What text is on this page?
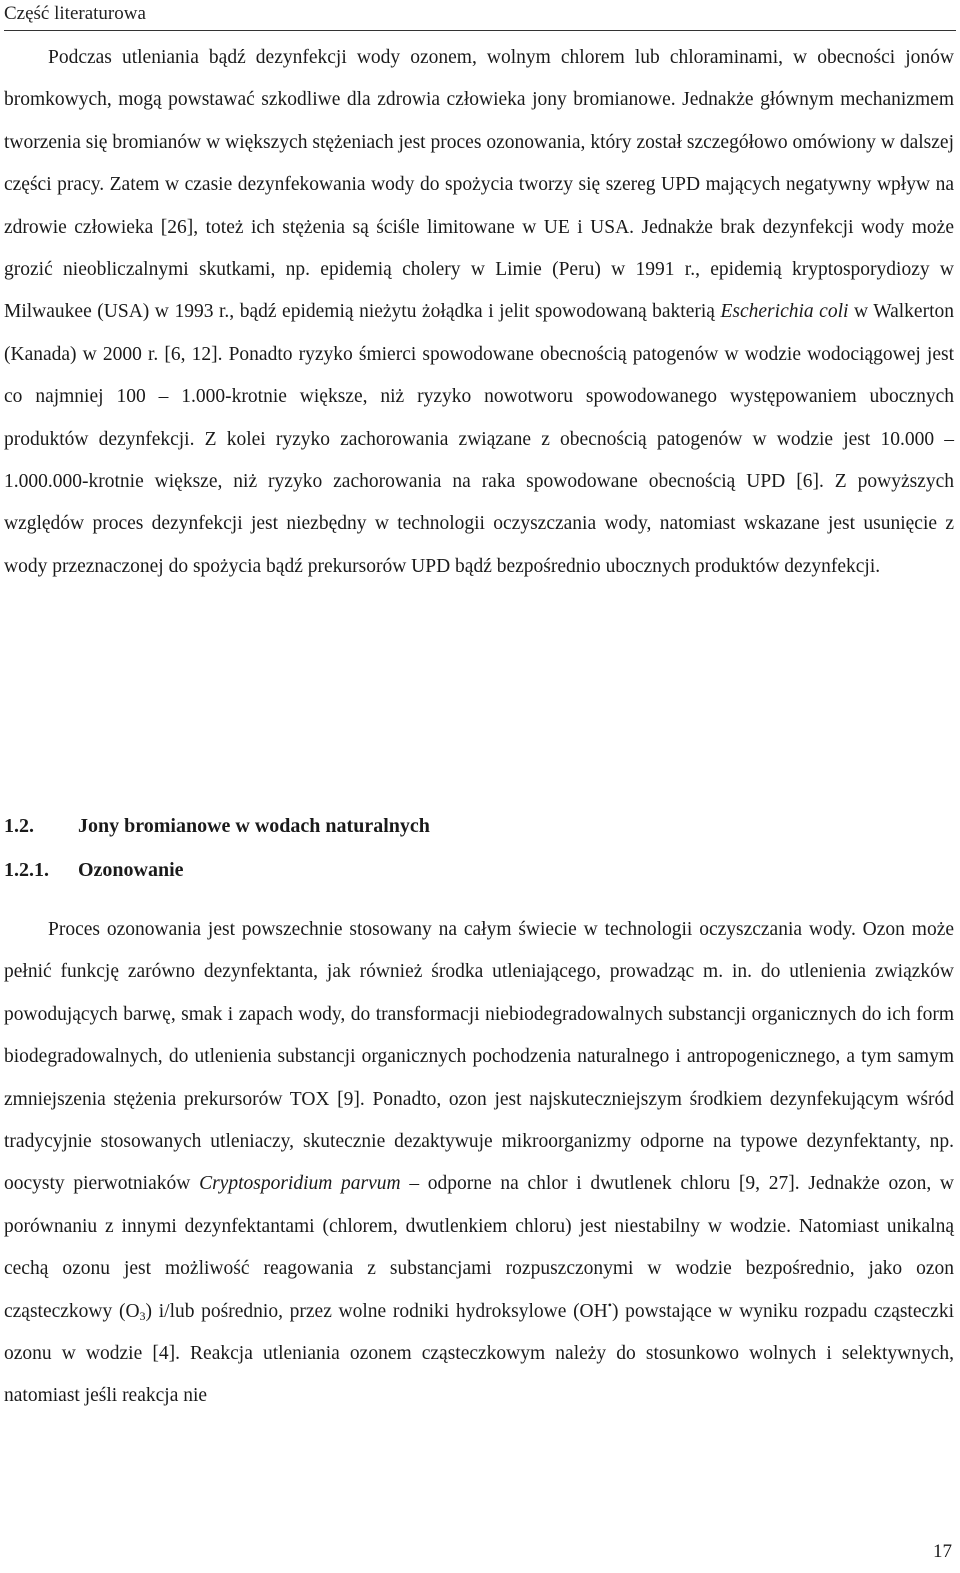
Część literaturowa

Podczas utleniania bądź dezynfekcji wody ozonem, wolnym chlorem lub chloraminami, w obecności jonów bromkowych, mogą powstawać szkodliwe dla zdrowia człowieka jony bromianowe. Jednakże głównym mechanizmem tworzenia się bromianów w większych stężeniach jest proces ozonowania, który został szczegółowo omówiony w dalszej części pracy. Zatem w czasie dezynfekowania wody do spożycia tworzy się szereg UPD mających negatywny wpływ na zdrowie człowieka [26], toteż ich stężenia są ściśle limitowane w UE i USA. Jednakże brak dezynfekcji wody może grozić nieobliczalnymi skutkami, np. epidemią cholery w Limie (Peru) w 1991 r., epidemią kryptosporydiozy w Milwaukee (USA) w 1993 r., bądź epidemią nieżytu żołądka i jelit spowodowaną bakterią Escherichia coli w Walkerton (Kanada) w 2000 r. [6, 12]. Ponadto ryzyko śmierci spowodowane obecnością patogenów w wodzie wodociągowej jest co najmniej 100 – 1.000-krotnie większe, niż ryzyko nowotworu spowodowanego występowaniem ubocznych produktów dezynfekcji. Z kolei ryzyko zachorowania związane z obecnością patogenów w wodzie jest 10.000 – 1.000.000-krotnie większe, niż ryzyko zachorowania na raka spowodowane obecnością UPD [6]. Z powyższych względów proces dezynfekcji jest niezbędny w technologii oczyszczania wody, natomiast wskazane jest usunięcie z wody przeznaczonej do spożycia bądź prekursorów UPD bądź bezpośrednio ubocznych produktów dezynfekcji.

1.2. Jony bromianowe w wodach naturalnych
1.2.1. Ozonowanie

Proces ozonowania jest powszechnie stosowany na całym świecie w technologii oczyszczania wody. Ozon może pełnić funkcję zarówno dezynfektanta, jak również środka utleniającego, prowadząc m. in. do utlenienia związków powodujących barwę, smak i zapach wody, do transformacji niebiodegradowalnych substancji organicznych do ich form biodegradowalnych, do utlenienia substancji organicznych pochodzenia naturalnego i antropogenicznego, a tym samym zmniejszenia stężenia prekursorów TOX [9]. Ponadto, ozon jest najskuteczniejszym środkiem dezynfekującym wśród tradycyjnie stosowanych utleniaczy, skutecznie dezaktywuje mikroorganizmy odporne na typowe dezynfektanty, np. oocysty pierwotniaków Cryptosporidium parvum – odporne na chlor i dwutlenek chloru [9, 27]. Jednakże ozon, w porównaniu z innymi dezynfektantami (chlorem, dwutlenkiem chloru) jest niestabilny w wodzie. Natomiast unikalną cechą ozonu jest możliwość reagowania z substancjami rozpuszczonymi w wodzie bezpośrednio, jako ozon cząsteczkowy $(O_3)$ i/lub pośrednio, przez wolne rodniki hydroksylowe (OH•) powstające w wyniku rozpadu cząsteczki ozonu w wodzie [4]. Reakcja utleniania ozonem cząsteczkowym należy do stosunkowo wolnych i selektywnych, natomiast jeśli reakcja nie

17
